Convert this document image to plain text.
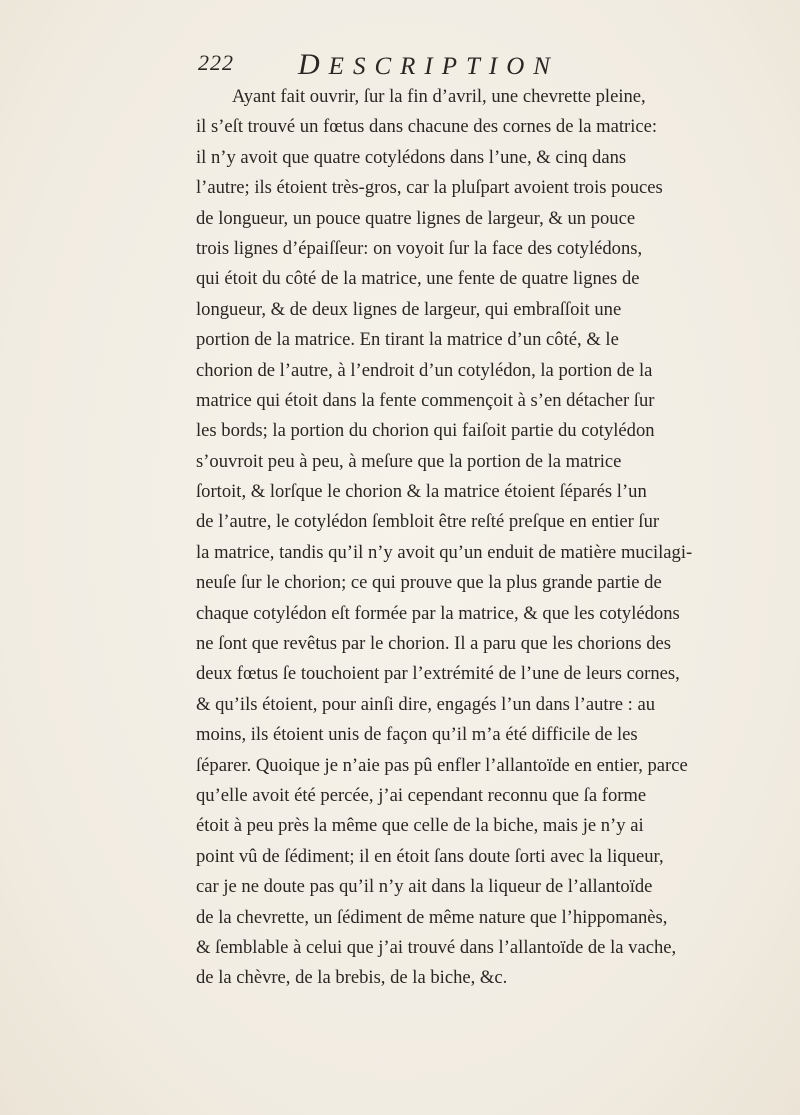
222 DESCRIPTION
Ayant fait ouvrir, ſur la fin d’avril, une chevrette pleine,
il s’eſt trouvé un fœtus dans chacune des cornes de la matrice:
il n’y avoit que quatre cotylédons dans l’une, & cinq dans
l’autre; ils étoient très-gros, car la pluſpart avoient trois pouces
de longueur, un pouce quatre lignes de largeur, & un pouce
trois lignes d’épaiſſeur: on voyoit ſur la face des cotylédons,
qui étoit du côté de la matrice, une fente de quatre lignes de
longueur, & de deux lignes de largeur, qui embraſſoit une
portion de la matrice. En tirant la matrice d’un côté, & le
chorion de l’autre, à l’endroit d’un cotylédon, la portion de la
matrice qui étoit dans la fente commençoit à s’en détacher ſur
les bords; la portion du chorion qui faiſoit partie du cotylédon
s’ouvroit peu à peu, à meſure que la portion de la matrice
ſortoit, & lorſque le chorion & la matrice étoient ſéparés l’un
de l’autre, le cotylédon ſembloit être reſté preſque en entier ſur
la matrice, tandis qu’il n’y avoit qu’un enduit de matière mucilagi-
neuſe ſur le chorion; ce qui prouve que la plus grande partie de
chaque cotylédon eſt formée par la matrice, & que les cotylédons
ne ſont que revêtus par le chorion. Il a paru que les chorions des
deux fœtus ſe touchoient par l’extrémité de l’une de leurs cornes,
& qu’ils étoient, pour ainſi dire, engagés l’un dans l’autre : au
moins, ils étoient unis de façon qu’il m’a été difficile de les
ſéparer. Quoique je n’aie pas pû enfler l’allantoïde en entier, parce
qu’elle avoit été percée, j’ai cependant reconnu que ſa forme
étoit à peu près la même que celle de la biche, mais je n’y ai
point vû de ſédiment; il en étoit ſans doute ſorti avec la liqueur,
car je ne doute pas qu’il n’y ait dans la liqueur de l’allantoïde
de la chevrette, un ſédiment de même nature que l’hippomanès,
& ſemblable à celui que j’ai trouvé dans l’allantoïde de la vache,
de la chèvre, de la brebis, de la biche, &c.
